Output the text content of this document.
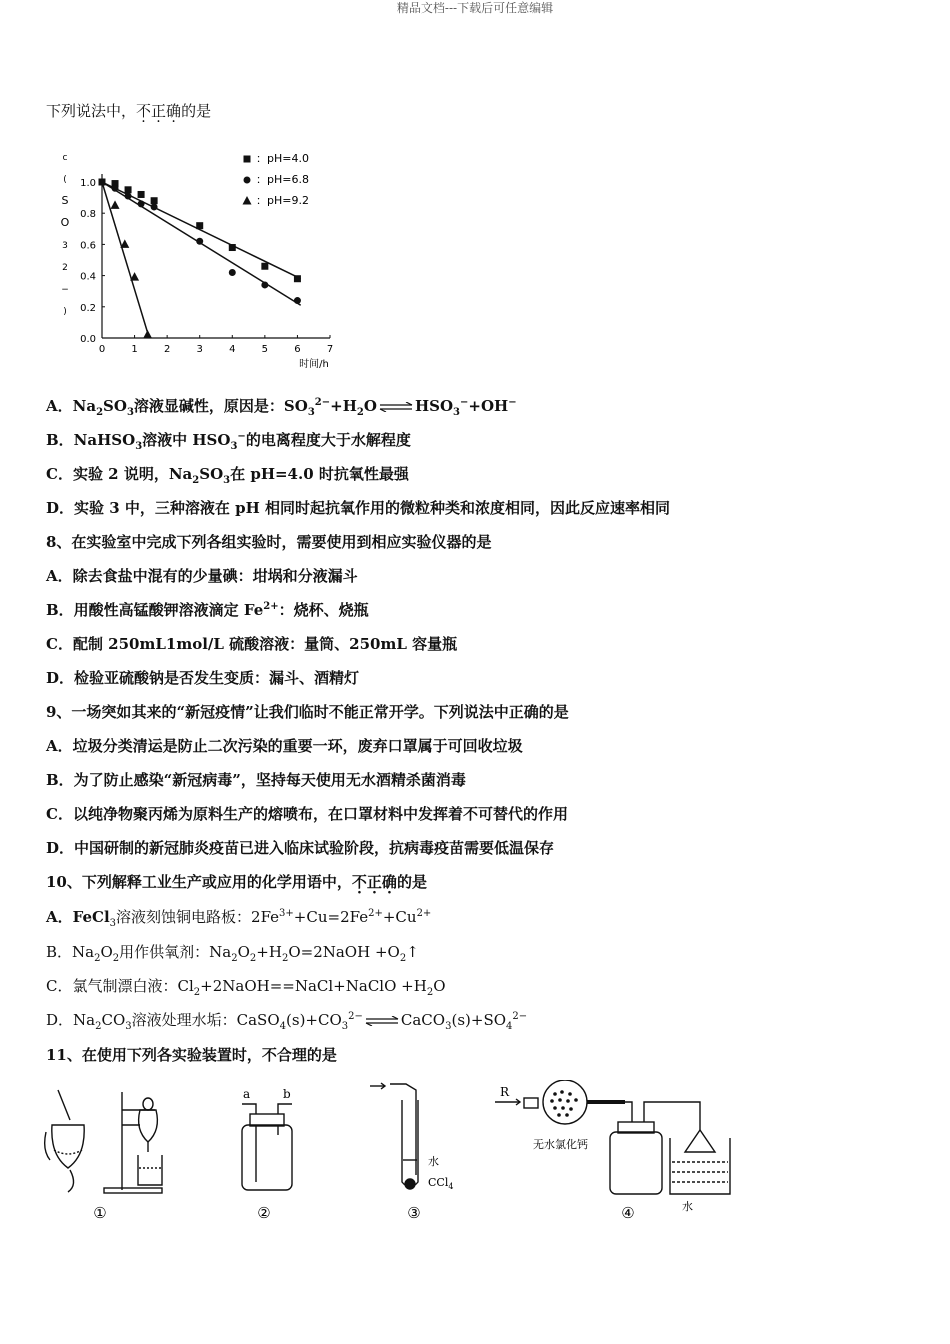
精品文档---下载后可任意编辑
下列说法中，不正确的是
c
(
S
O
3
2
−
)
0.0
0.2
0.4
0.6
0.8
1.0
0	1	2	3	4	5	6	7
：pH=4.0
：pH=6.8
：pH=9.2
时间/h
A．$Na_2SO_3$溶液显碱性，原因是：$SO_3^{2-}+H_2O$ ⇌ $HSO_3^-+OH^-$
B．NaHSO$_3$溶液中 $HSO_3^-$的电离程度大于水解程度
C．实验 2 说明，$Na_2SO_3$在 pH=4.0 时抗氧性最强
D．实验 3 中，三种溶液在 pH 相同时起抗氧作用的微粒种类和浓度相同，因此反应速率相同
8、在实验室中完成下列各组实验时，需要使用到相应实验仪器的是
A．除去食盐中混有的少量碘：坩埚和分液漏斗
B．用酸性高锰酸钾溶液滴定 $Fe^{2+}$：烧杯、烧瓶
C．配制 250mL1mol/L 硫酸溶液：量筒、250mL 容量瓶
D．检验亚硫酸钠是否发生变质：漏斗、酒精灯
9、一场突如其来的“新冠疫情”让我们临时不能正常开学。下列说法中正确的是
A．垃圾分类清运是防止二次污染的重要一环，废弃口罩属于可回收垃圾
B．为了防止感染“新冠病毒”，坚持每天使用无水酒精杀菌消毒
C．以纯净物聚丙烯为原料生产的熔喷布，在口罩材料中发挥着不可替代的作用
D．中国研制的新冠肺炎疫苗已进入临床试验阶段，抗病毒疫苗需要低温保存
10、下列解释工业生产或应用的化学用语中，不正确的是
A．FeCl$_3$溶液刻蚀铜电路板：$2Fe^{3+}+Cu=2Fe^{2+}+Cu^{2+}$
B．$Na_2O_2$用作供氧剂：$Na_2O_2+H_2O=2NaOH$ $+O_2↑$
C．氯气制漂白液：$Cl_2+2NaOH==NaCl+NaClO +H_2O$
D．$Na_2CO_3$溶液处理水垢：$CaSO_4(s)+CO_3^{2-}$ ⇌ $CaCO_3(s)+SO_4^{2-}$
11、在使用下列各实验装置时，不合理的是
①
a	b
②
水
CCl$_4$
③
R
无水氯化钙
水
④
